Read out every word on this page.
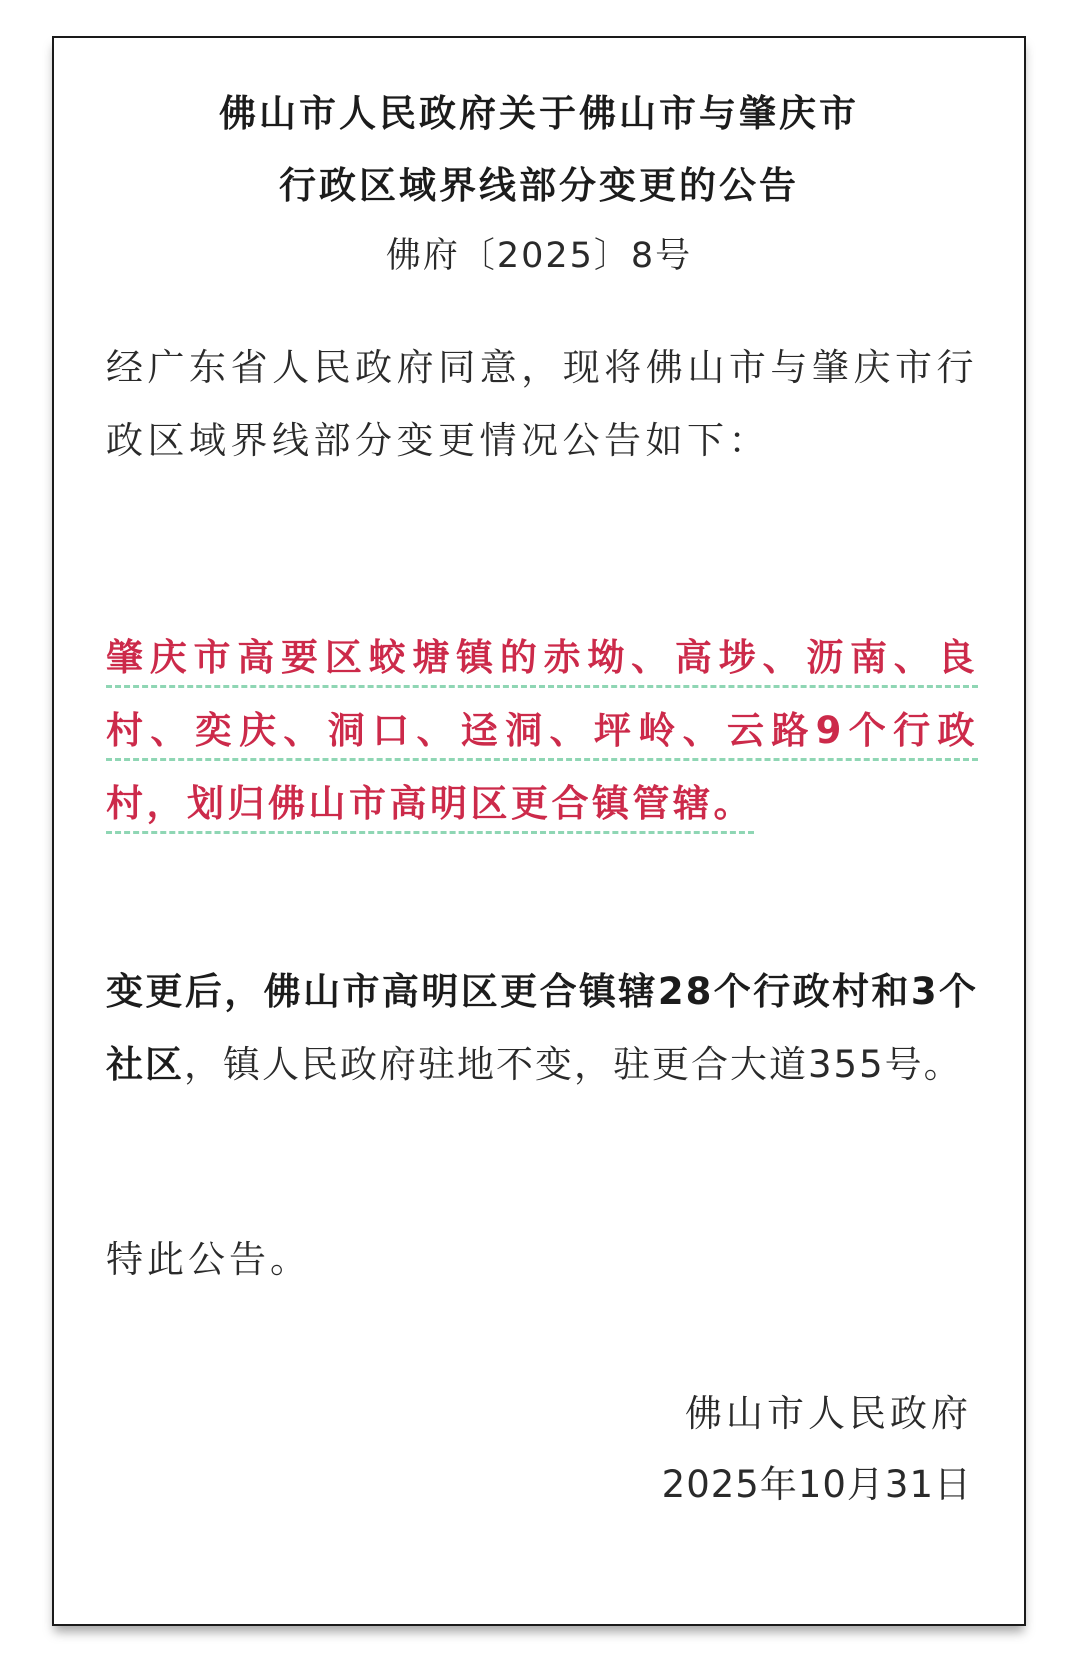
佛山市人民政府关于佛山市与肇庆市
行政区域界线部分变更的公告
佛府〔2025〕8号

经广东省人民政府同意，现将佛山市与肇庆市行政区域界线部分变更情况公告如下：

肇庆市高要区蛟塘镇的赤坳、高埗、沥南、良村、奕庆、洞口、迳洞、坪岭、云路9个行政村，划归佛山市高明区更合镇管辖。

变更后，佛山市高明区更合镇辖28个行政村和3个社区，镇人民政府驻地不变，驻更合大道355号。

特此公告。

佛山市人民政府
2025年10月31日
